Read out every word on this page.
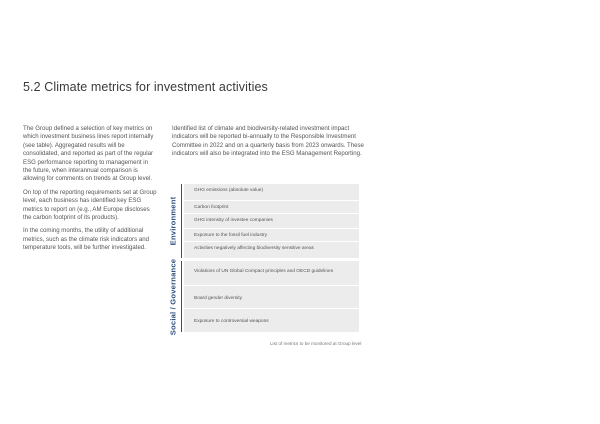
5.2 Climate metrics for investment activities

The Group defined a selection of key metrics on which investment business lines report internally (see table). Aggregated results will be consolidated, and reported as part of the regular ESG performance reporting to management in the future, when interannual comparison is allowing for comments on trends at Group level.

On top of the reporting requirements set at Group level, each business has identified key ESG metrics to report on (e.g., AM Europe discloses the carbon footprint of its products).

In the coming months, the utility of additional metrics, such as the climate risk indicators and temperature tools, will be further investigated.

Identified list of climate and biodiversity-related investment impact indicators will be reported bi-annually to the Responsible Investment Committee in 2022 and on a quarterly basis from 2023 onwards. These indicators will also be integrated into the ESG Management Reporting.

Environment
GHG emissions (absolute value)
Carbon footprint
GHG intensity of investee companies
Exposure to the fossil fuel industry
Activities negatively affecting biodiversity sensitive areas
Social / Governance	Violations of UN Global Compact principles and OECD guidelines
Board gender diversity
Exposure to controversial weapons
List of metrics to be monitored at Group level
